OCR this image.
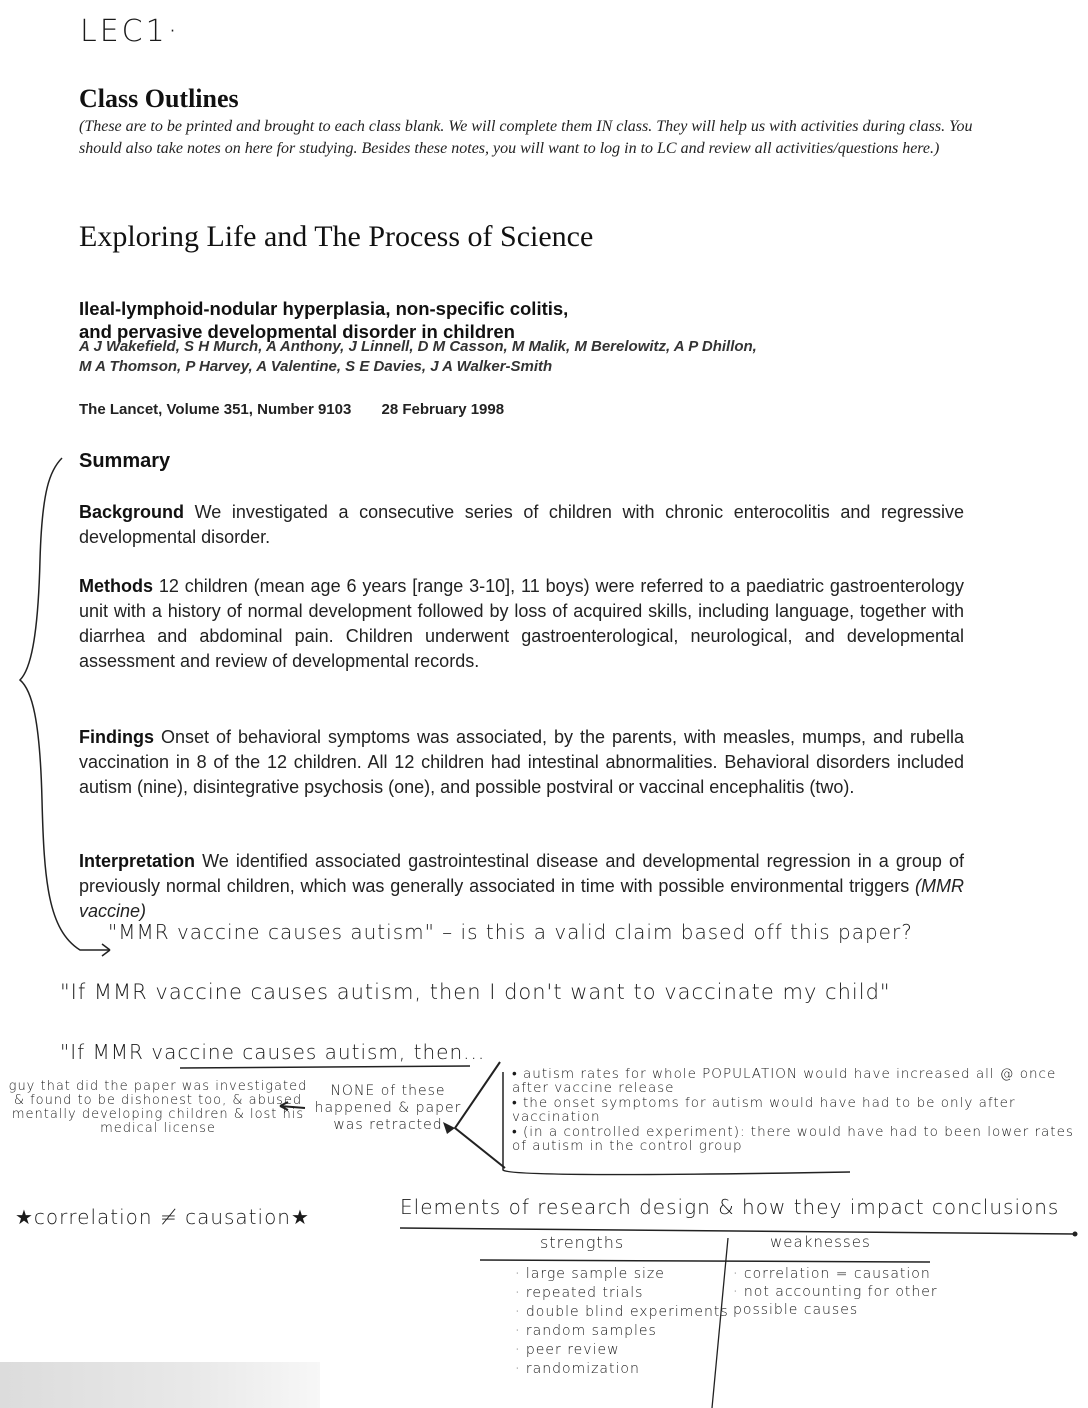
LEC1·
Class Outlines
(These are to be printed and brought to each class blank. We will complete them IN class. They will help us with activities during class. You should also take notes on here for studying. Besides these notes, you will want to log in to LC and review all activities/questions here.)
Exploring Life and The Process of Science
Ileal-lymphoid-nodular hyperplasia, non-specific colitis,
and pervasive developmental disorder in children
A J Wakefield, S H Murch, A Anthony, J Linnell, D M Casson, M Malik, M Berelowitz, A P Dhillon,
M A Thomson, P Harvey, A Valentine, S E Davies, J A Walker-Smith
The Lancet, Volume 351, Number 9103 28 February 1998
Summary
Background We investigated a consecutive series of children with chronic enterocolitis and regressive developmental disorder.
Methods 12 children (mean age 6 years [range 3-10], 11 boys) were referred to a paediatric gastroenterology unit with a history of normal development followed by loss of acquired skills, including language, together with diarrhea and abdominal pain. Children underwent gastroenterological, neurological, and developmental assessment and review of developmental records.
Findings Onset of behavioral symptoms was associated, by the parents, with measles, mumps, and rubella vaccination in 8 of the 12 children. All 12 children had intestinal abnormalities. Behavioral disorders included autism (nine), disintegrative psychosis (one), and possible postviral or vaccinal encephalitis (two).
Interpretation We identified associated gastrointestinal disease and developmental regression in a group of previously normal children, which was generally associated in time with possible environmental triggers (MMR vaccine)
"MMR vaccine causes autism" – is this a valid claim based off this paper?
"If MMR vaccine causes autism, then I don't want to vaccinate my child"
"If MMR vaccine causes autism, then...
guy that did the paper was investigated & found to be dishonest too, & abused mentally developing children & lost his medical license
NONE of these happened & paper was retracted
• autism rates for whole POPULATION would have increased all @ once after vaccine release
• the onset symptoms for autism would have had to be only after vaccination
• (in a controlled experiment): there would have had to been lower rates of autism in the control group
★correlation ≠ causation★	Elements of research design & how they impact conclusions
strengths	weaknesses
· large sample size
· repeated trials
· double blind experiments
· random samples
· peer review
· randomization
· correlation = causation
· not accounting for other
possible causes
